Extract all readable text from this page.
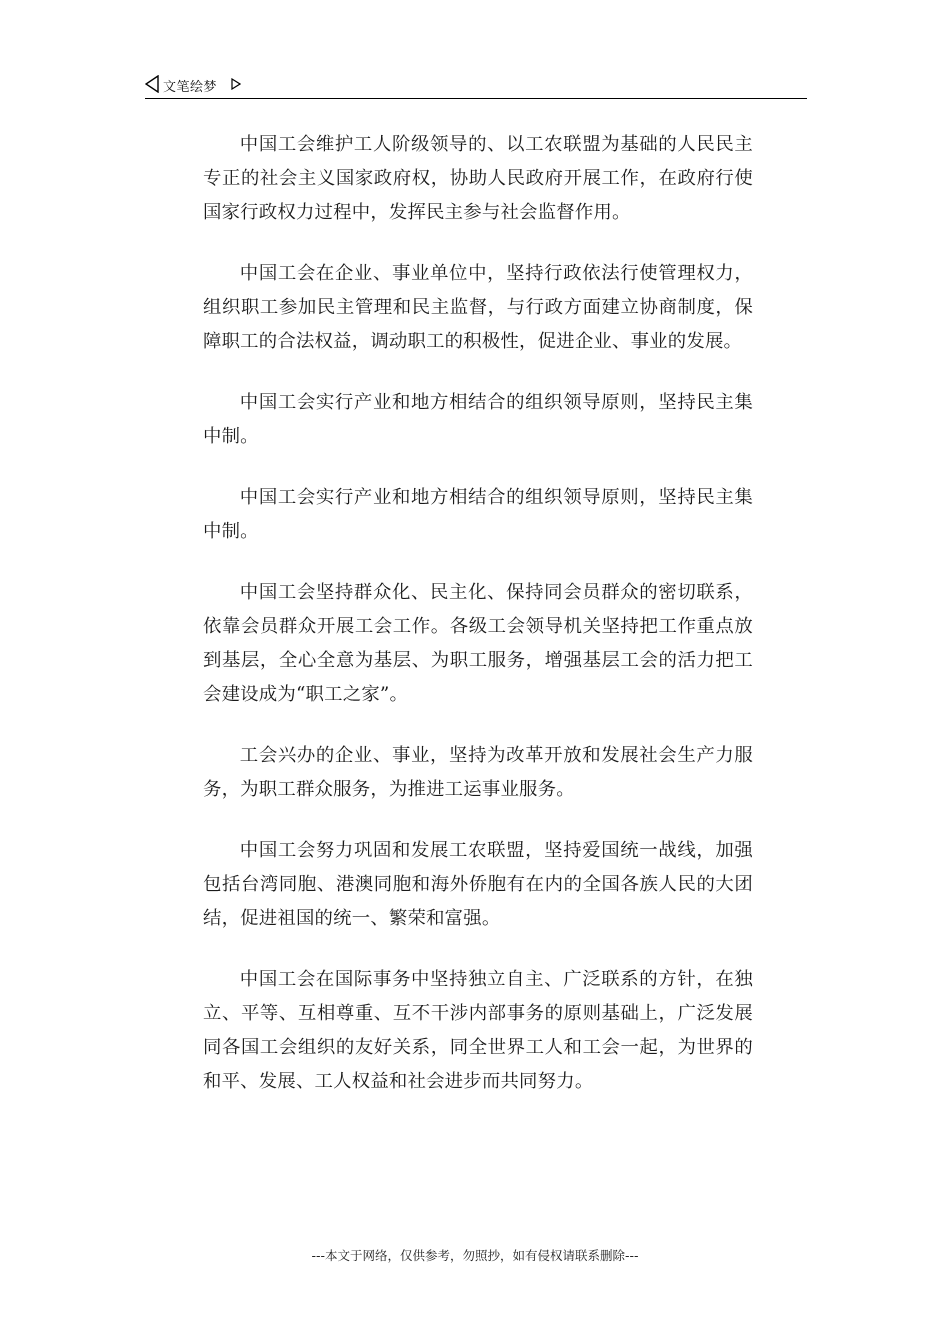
文笔绘梦

中国工会维护工人阶级领导的、以工农联盟为基础的人民民主专正的社会主义国家政府权，协助人民政府开展工作，在政府行使国家行政权力过程中，发挥民主参与社会监督作用。

中国工会在企业、事业单位中，坚持行政依法行使管理权力，组织职工参加民主管理和民主监督，与行政方面建立协商制度，保障职工的合法权益，调动职工的积极性，促进企业、事业的发展。

中国工会实行产业和地方相结合的组织领导原则，坚持民主集中制。

中国工会实行产业和地方相结合的组织领导原则，坚持民主集中制。

中国工会坚持群众化、民主化、保持同会员群众的密切联系，依靠会员群众开展工会工作。各级工会领导机关坚持把工作重点放到基层，全心全意为基层、为职工服务，增强基层工会的活力把工会建设成为“职工之家”。

工会兴办的企业、事业，坚持为改革开放和发展社会生产力服务，为职工群众服务，为推进工运事业服务。

中国工会努力巩固和发展工农联盟，坚持爱国统一战线，加强包括台湾同胞、港澳同胞和海外侨胞有在内的全国各族人民的大团结，促进祖国的统一、繁荣和富强。

中国工会在国际事务中坚持独立自主、广泛联系的方针，在独立、平等、互相尊重、互不干涉内部事务的原则基础上，广泛发展同各国工会组织的友好关系，同全世界工人和工会一起，为世界的和平、发展、工人权益和社会进步而共同努力。

---本文于网络，仅供参考，勿照抄，如有侵权请联系删除---
